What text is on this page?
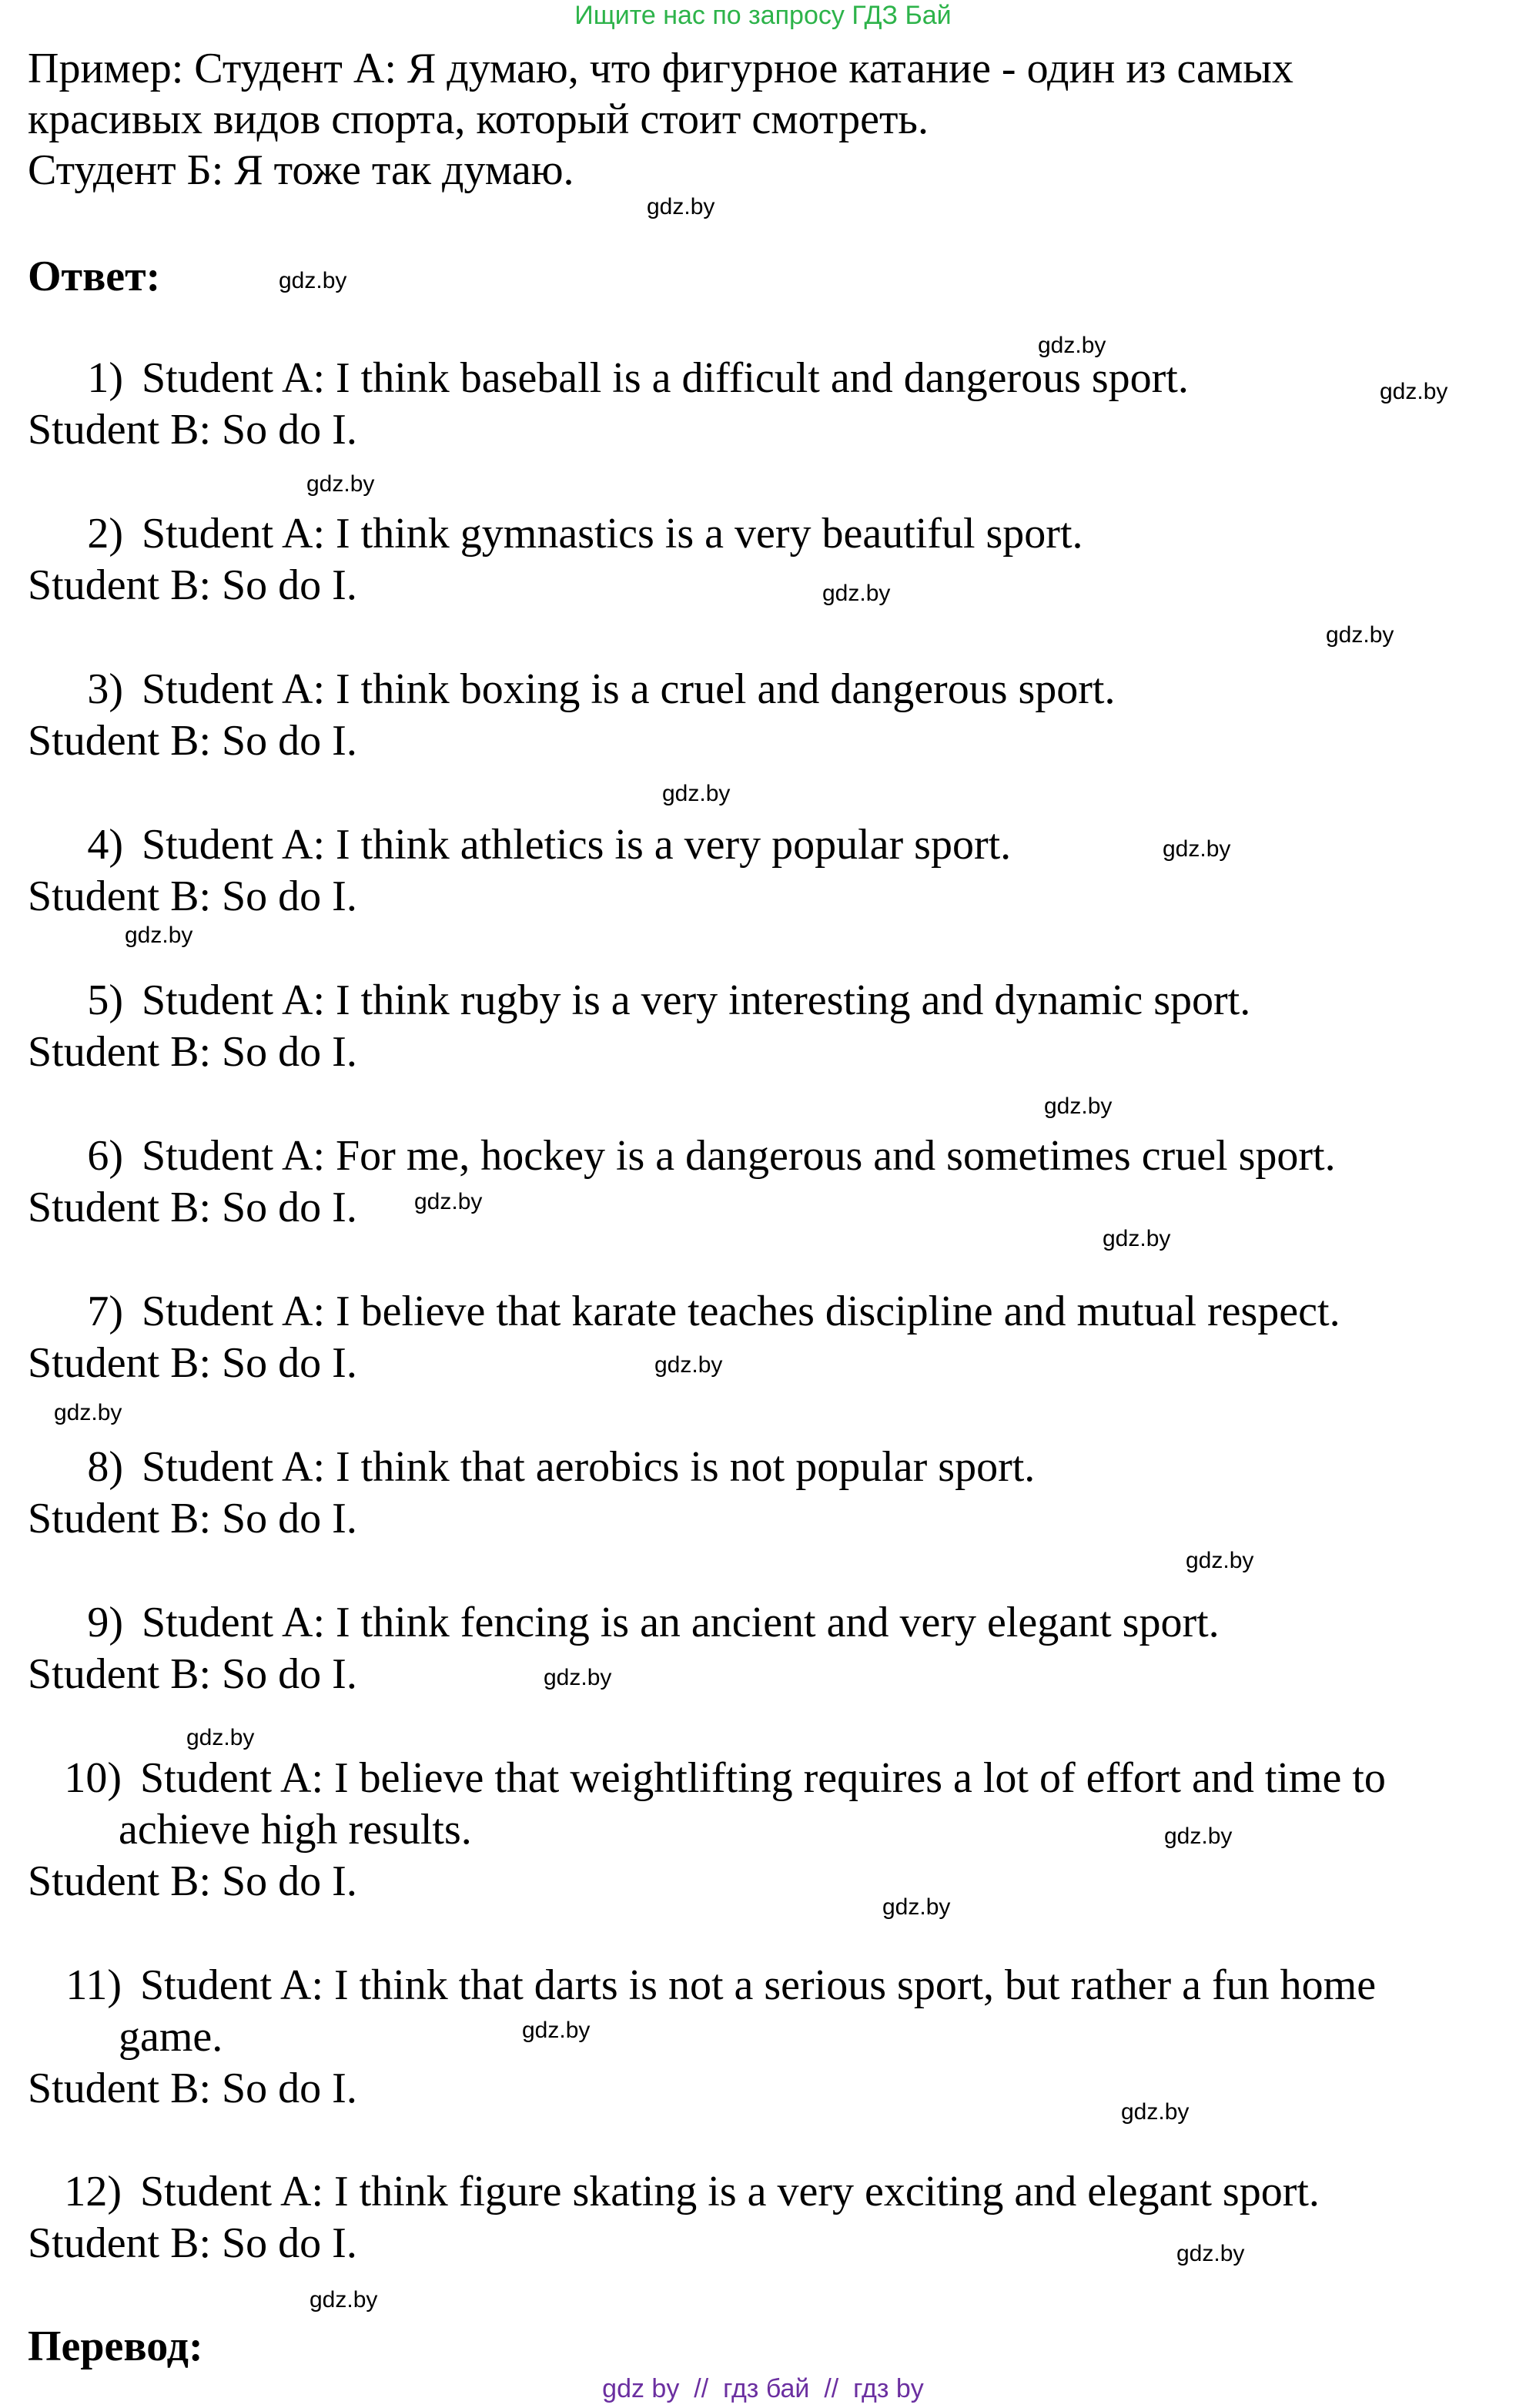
Ищите нас по запросу ГДЗ Бай
Пример: Студент А: Я думаю, что фигурное катание - один из самых
красивых видов спорта, который стоит смотреть.
Студент Б: Я тоже так думаю.
Ответ:
1) Student A: I think baseball is a difficult and dangerous sport.
Student B: So do I.
2) Student A: I think gymnastics is a very beautiful sport.
Student B: So do I.
3) Student A: I think boxing is a cruel and dangerous sport.
Student B: So do I.
4) Student A: I think athletics is a very popular sport.
Student B: So do I.
5) Student A: I think rugby is a very interesting and dynamic sport.
Student B: So do I.
6) Student A: For me, hockey is a dangerous and sometimes cruel sport.
Student B: So do I.
7) Student A: I believe that karate teaches discipline and mutual respect.
Student B: So do I.
8) Student A: I think that aerobics is not popular sport.
Student B: So do I.
9) Student A: I think fencing is an ancient and very elegant sport.
Student B: So do I.
10) Student A: I believe that weightlifting requires a lot of effort and time to
achieve high results.
Student B: So do I.
11) Student A: I think that darts is not a serious sport, but rather a fun home
game.
Student B: So do I.
12) Student A: I think figure skating is a very exciting and elegant sport.
Student B: So do I.
Перевод:
gdz.by
gdz.by
gdz.by
gdz.by
gdz.by
gdz.by
gdz.by
gdz.by
gdz.by
gdz.by
gdz.by
gdz.by
gdz.by
gdz.by
gdz.by
gdz.by
gdz.by
gdz.by
gdz.by
gdz.by
gdz.by
gdz.by
gdz.by
gdz.by
gdz by // гдз бай // гдз by
